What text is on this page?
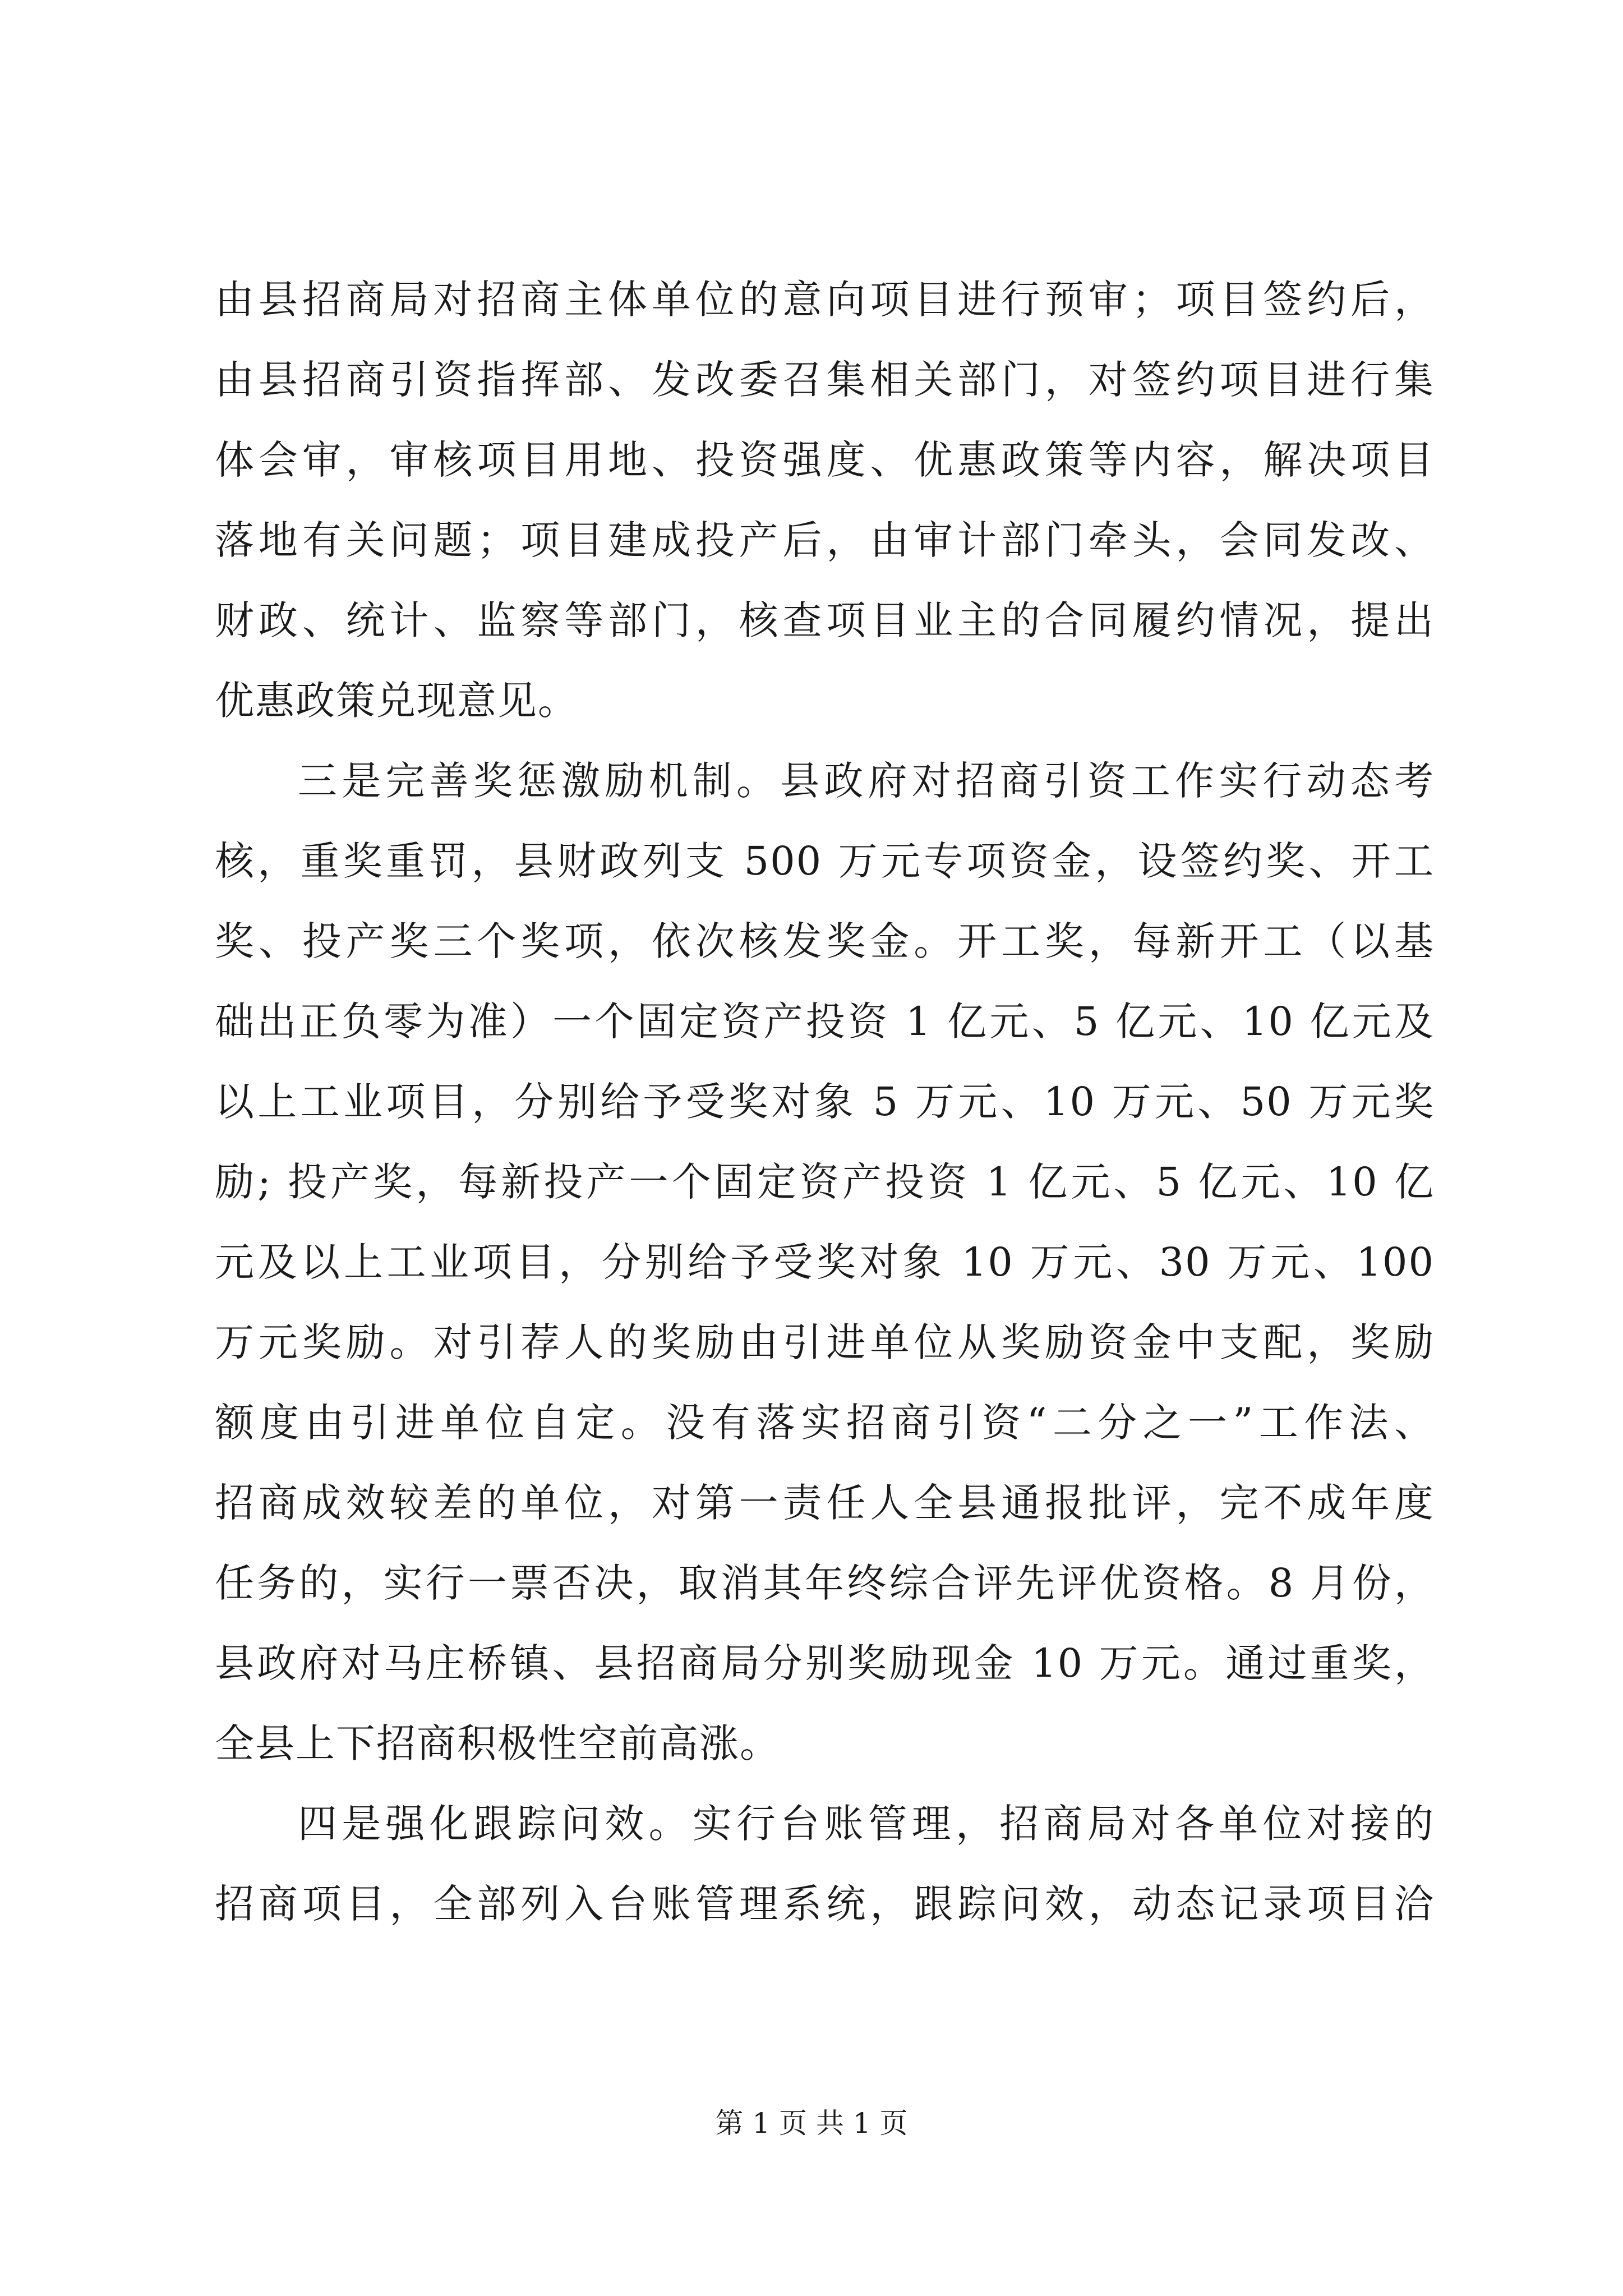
由县招商局对招商主体单位的意向项目进行预审；项目签约后，
由县招商引资指挥部、发改委召集相关部门，对签约项目进行集
体会审，审核项目用地、投资强度、优惠政策等内容，解决项目
落地有关问题；项目建成投产后，由审计部门牵头，会同发改、
财政、统计、监察等部门，核查项目业主的合同履约情况，提出
优惠政策兑现意见。
三是完善奖惩激励机制。县政府对招商引资工作实行动态考
核，重奖重罚，县财政列支 500 万元专项资金，设签约奖、开工
奖、投产奖三个奖项，依次核发奖金。开工奖，每新开工（以基
础出正负零为准）一个固定资产投资 1 亿元、5 亿元、10 亿元及
以上工业项目，分别给予受奖对象 5 万元、10 万元、50 万元奖
励; 投产奖，每新投产一个固定资产投资 1 亿元、5 亿元、10 亿
元及以上工业项目，分别给予受奖对象 10 万元、30 万元、100
万元奖励。对引荐人的奖励由引进单位从奖励资金中支配，奖励
额度由引进单位自定。没有落实招商引资“二分之一”工作法、
招商成效较差的单位，对第一责任人全县通报批评，完不成年度
任务的，实行一票否决，取消其年终综合评先评优资格。8 月份，
县政府对马庄桥镇、县招商局分别奖励现金 10 万元。通过重奖，
全县上下招商积极性空前高涨。
四是强化跟踪问效。实行台账管理，招商局对各单位对接的
招商项目，全部列入台账管理系统，跟踪问效，动态记录项目洽
第 1 页 共 1 页
